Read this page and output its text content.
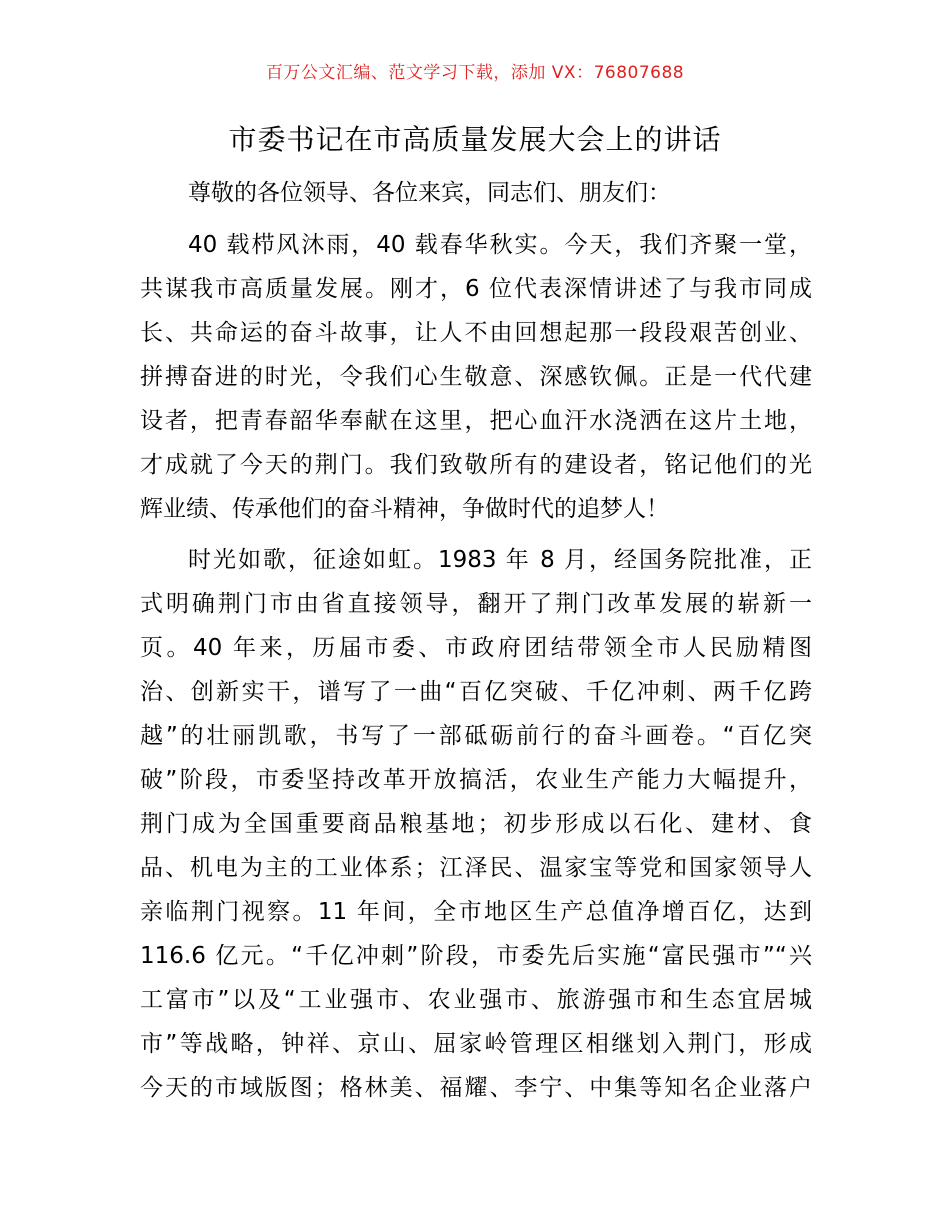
百万公文汇编、范文学习下载，添加 VX：76807688
市委书记在市高质量发展大会上的讲话
尊敬的各位领导、各位来宾，同志们、朋友们：
40 载栉风沐雨，40 载春华秋实。今天，我们齐聚一堂，
共谋我市高质量发展。刚才，6 位代表深情讲述了与我市同成
长、共命运的奋斗故事，让人不由回想起那一段段艰苦创业、
拼搏奋进的时光，令我们心生敬意、深感钦佩。正是一代代建
设者，把青春韶华奉献在这里，把心血汗水浇洒在这片土地，
才成就了今天的荆门。我们致敬所有的建设者，铭记他们的光
辉业绩、传承他们的奋斗精神，争做时代的追梦人！
时光如歌，征途如虹。1983 年 8 月，经国务院批准，正
式明确荆门市由省直接领导，翻开了荆门改革发展的崭新一
页。40 年来，历届市委、市政府团结带领全市人民励精图
治、创新实干，谱写了一曲“百亿突破、千亿冲刺、两千亿跨
越”的壮丽凯歌，书写了一部砥砺前行的奋斗画卷。“百亿突
破”阶段，市委坚持改革开放搞活，农业生产能力大幅提升，
荆门成为全国重要商品粮基地；初步形成以石化、建材、食
品、机电为主的工业体系；江泽民、温家宝等党和国家领导人
亲临荆门视察。11 年间，全市地区生产总值净增百亿，达到
116.6 亿元。“千亿冲刺”阶段，市委先后实施“富民强市”“兴
工富市”以及“工业强市、农业强市、旅游强市和生态宜居城
市”等战略，钟祥、京山、屈家岭管理区相继划入荆门，形成
今天的市域版图；格林美、福耀、李宁、中集等知名企业落户
